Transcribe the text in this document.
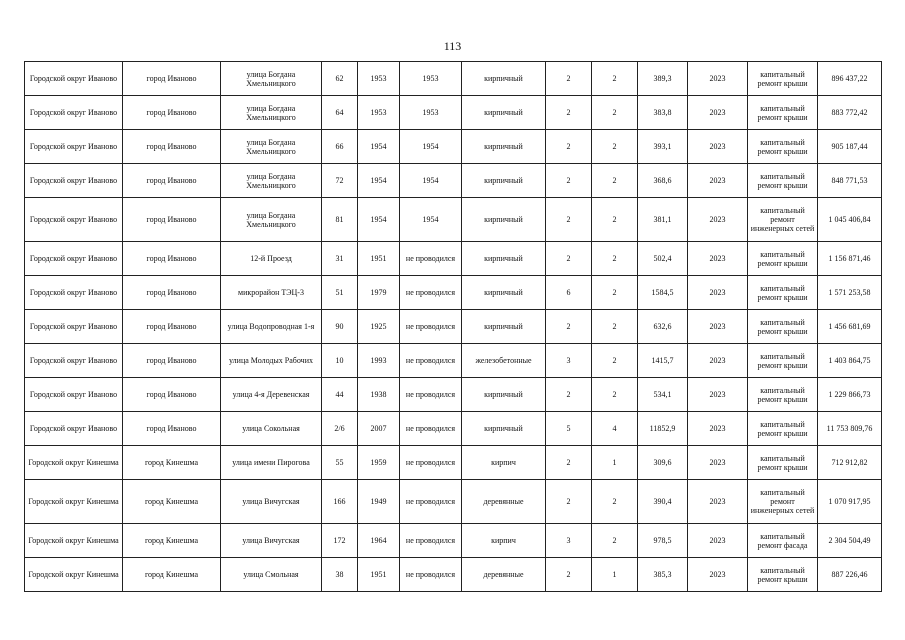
113
Городской округ Иваново	город Иваново	улица Богдана Хмельницкого	62	1953	1953	кирпичный	2	2	389,3	2023	капитальный ремонт крыши	896 437,22
Городской округ Иваново	город Иваново	улица Богдана Хмельницкого	64	1953	1953	кирпичный	2	2	383,8	2023	капитальный ремонт крыши	883 772,42
Городской округ Иваново	город Иваново	улица Богдана Хмельницкого	66	1954	1954	кирпичный	2	2	393,1	2023	капитальный ремонт крыши	905 187,44
Городской округ Иваново	город Иваново	улица Богдана Хмельницкого	72	1954	1954	кирпичный	2	2	368,6	2023	капитальный ремонт крыши	848 771,53
Городской округ Иваново	город Иваново	улица Богдана Хмельницкого	81	1954	1954	кирпичный	2	2	381,1	2023	капитальный ремонт инженерных сетей	1 045 406,84
Городской округ Иваново	город Иваново	12-й Проезд	31	1951	не проводился	кирпичный	2	2	502,4	2023	капитальный ремонт крыши	1 156 871,46
Городской округ Иваново	город Иваново	микрорайон ТЭЦ-3	51	1979	не проводился	кирпичный	6	2	1584,5	2023	капитальный ремонт крыши	1 571 253,58
Городской округ Иваново	город Иваново	улица Водопроводная 1-я	90	1925	не проводился	кирпичный	2	2	632,6	2023	капитальный ремонт крыши	1 456 681,69
Городской округ Иваново	город Иваново	улица Молодых Рабочих	10	1993	не проводился	железобетонные	3	2	1415,7	2023	капитальный ремонт крыши	1 403 864,75
Городской округ Иваново	город Иваново	улица 4-я Деревенская	44	1938	не проводился	кирпичный	2	2	534,1	2023	капитальный ремонт крыши	1 229 866,73
Городской округ Иваново	город Иваново	улица Сокольная	2/6	2007	не проводился	кирпичный	5	4	11852,9	2023	капитальный ремонт крыши	11 753 809,76
Городской округ Кинешма	город Кинешма	улица имени Пирогова	55	1959	не проводился	кирпич	2	1	309,6	2023	капитальный ремонт крыши	712 912,82
Городской округ Кинешма	город Кинешма	улица Вичугская	166	1949	не проводился	деревянные	2	2	390,4	2023	капитальный ремонт инженерных сетей	1 070 917,95
Городской округ Кинешма	город Кинешма	улица Вичугская	172	1964	не проводился	кирпич	3	2	978,5	2023	капитальный ремонт фасада	2 304 504,49
Городской округ Кинешма	город Кинешма	улица Смольная	38	1951	не проводился	деревянные	2	1	385,3	2023	капитальный ремонт крыши	887 226,46
